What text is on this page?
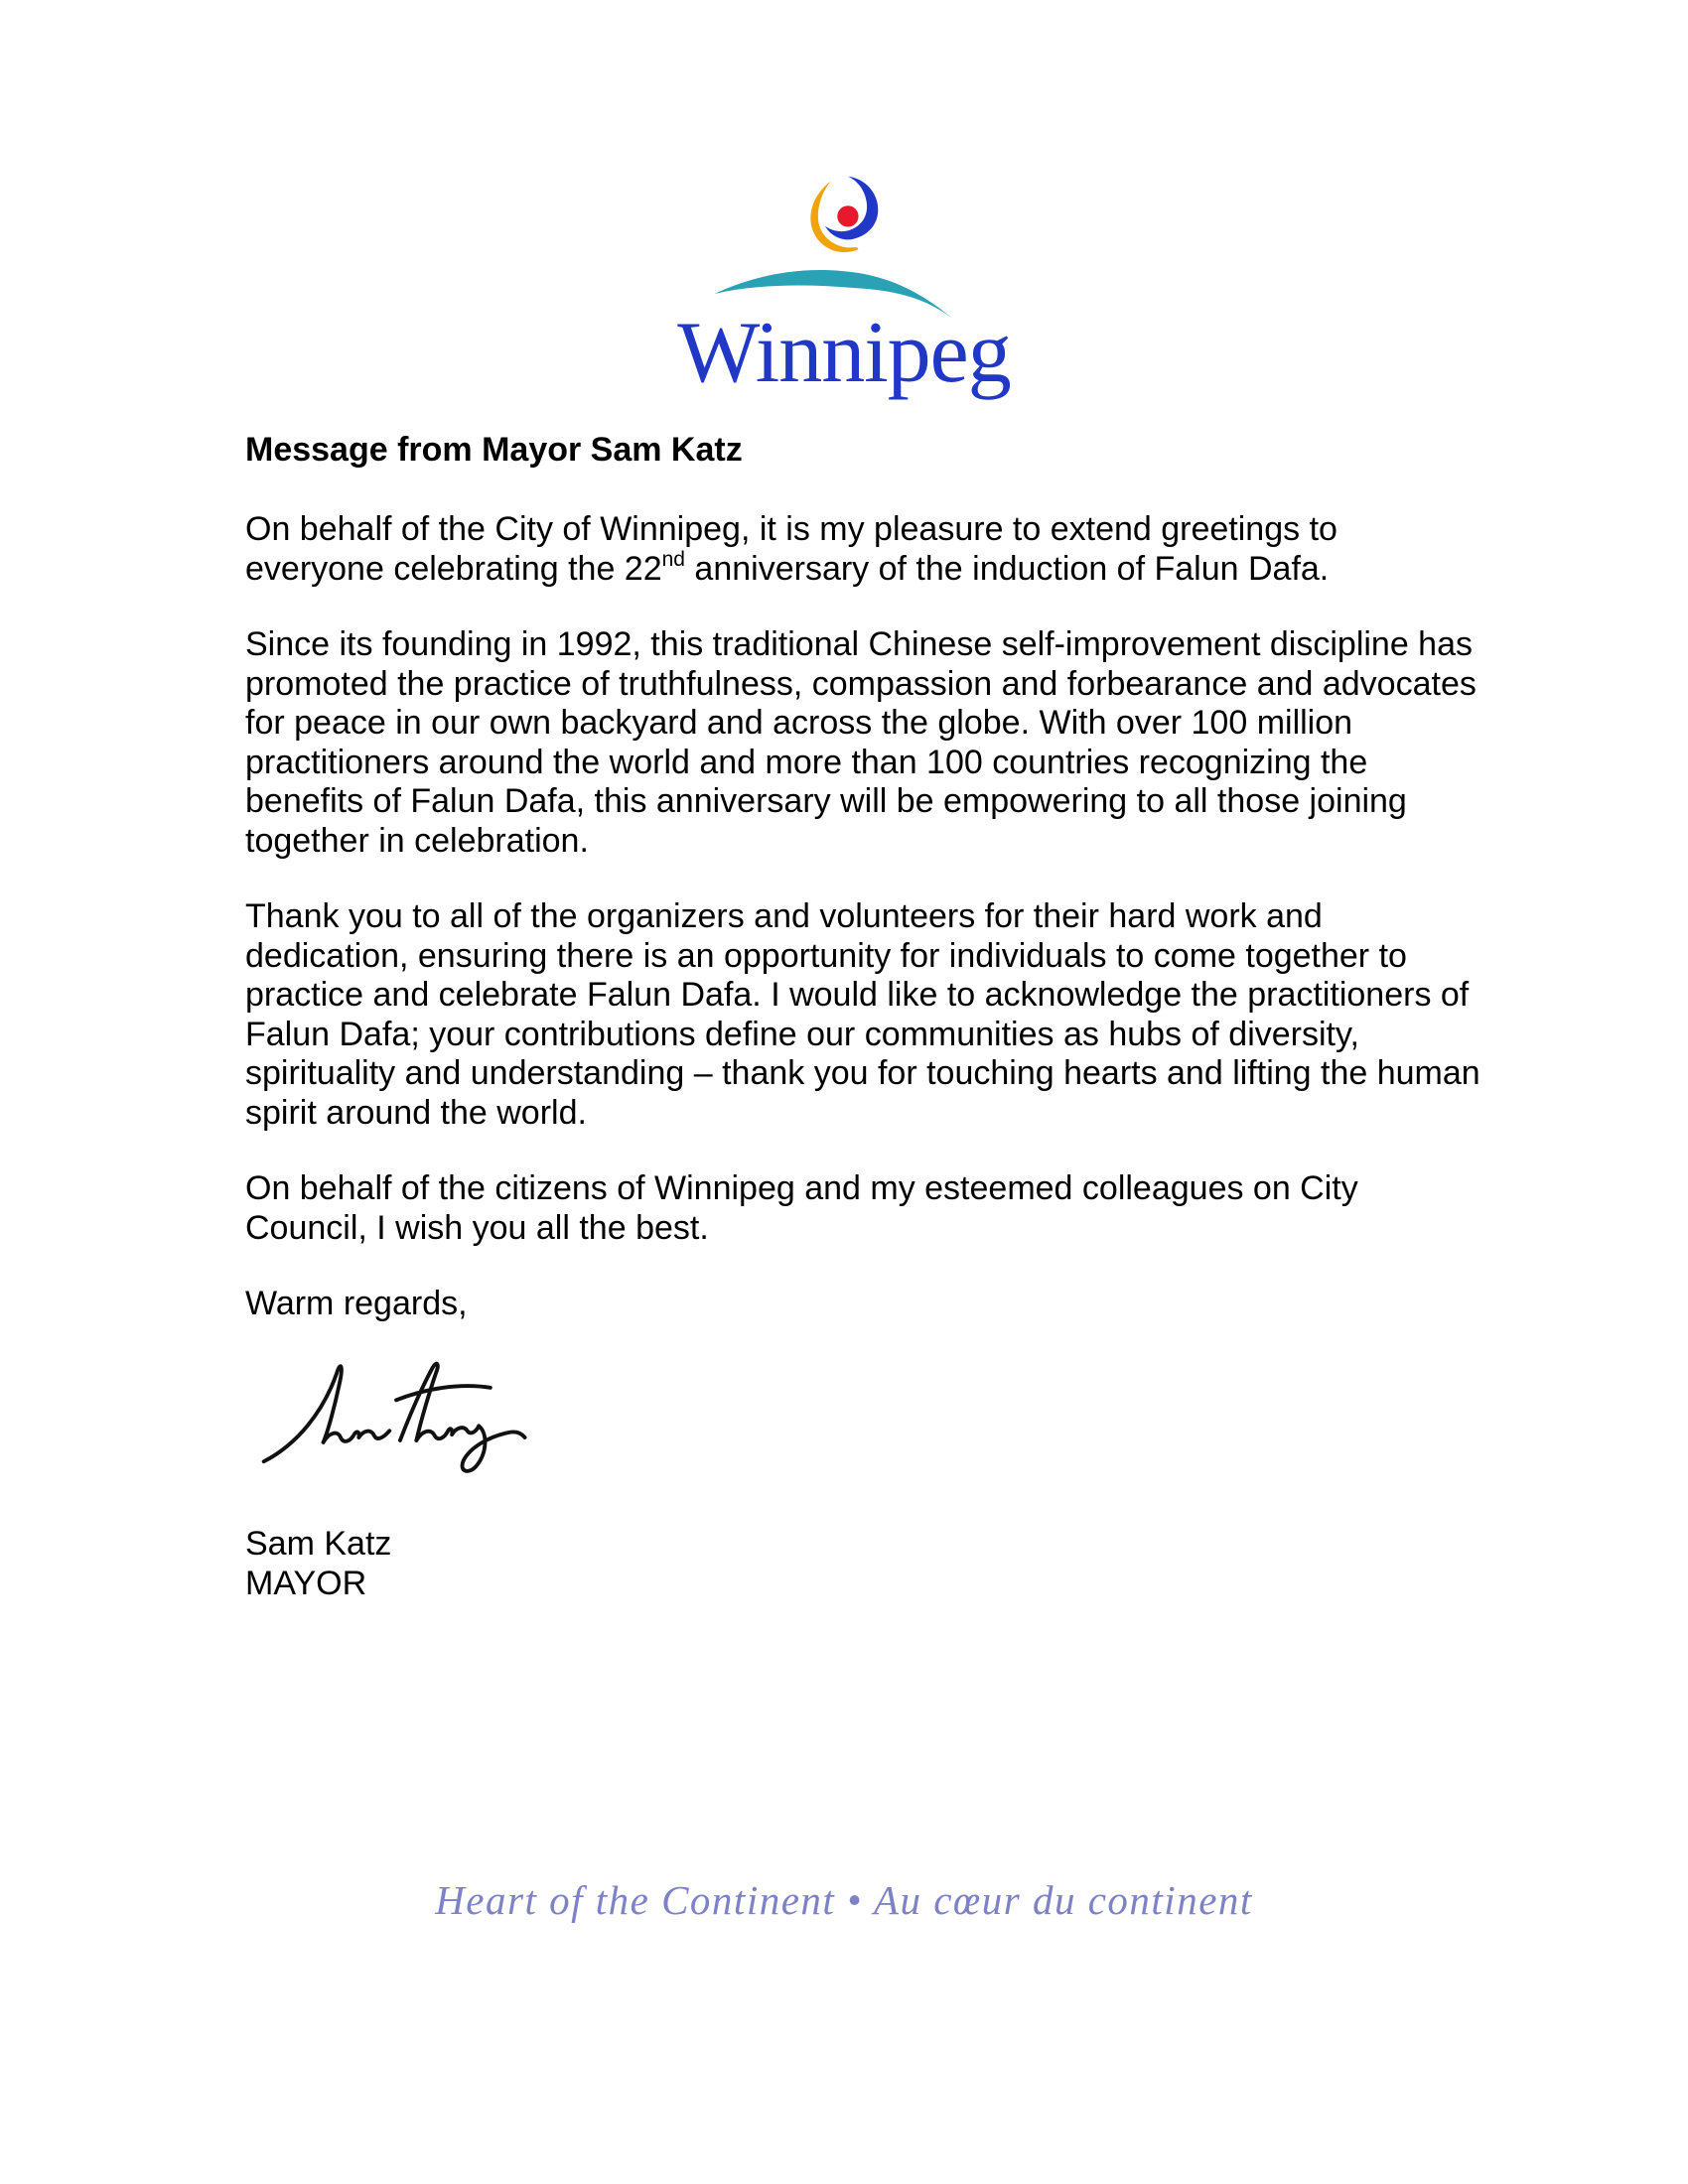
Winnipeg
Message from Mayor Sam Katz

On behalf of the City of Winnipeg, it is my pleasure to extend greetings to everyone celebrating the 22nd anniversary of the induction of Falun Dafa.

Since its founding in 1992, this traditional Chinese self-improvement discipline has promoted the practice of truthfulness, compassion and forbearance and advocates for peace in our own backyard and across the globe. With over 100 million practitioners around the world and more than 100 countries recognizing the benefits of Falun Dafa, this anniversary will be empowering to all those joining together in celebration.

Thank you to all of the organizers and volunteers for their hard work and dedication, ensuring there is an opportunity for individuals to come together to practice and celebrate Falun Dafa. I would like to acknowledge the practitioners of Falun Dafa; your contributions define our communities as hubs of diversity, spirituality and understanding – thank you for touching hearts and lifting the human spirit around the world.

On behalf of the citizens of Winnipeg and my esteemed colleagues on City Council, I wish you all the best.

Warm regards,

Sam Katz
MAYOR
Heart of the Continent • Au cœur du continent
